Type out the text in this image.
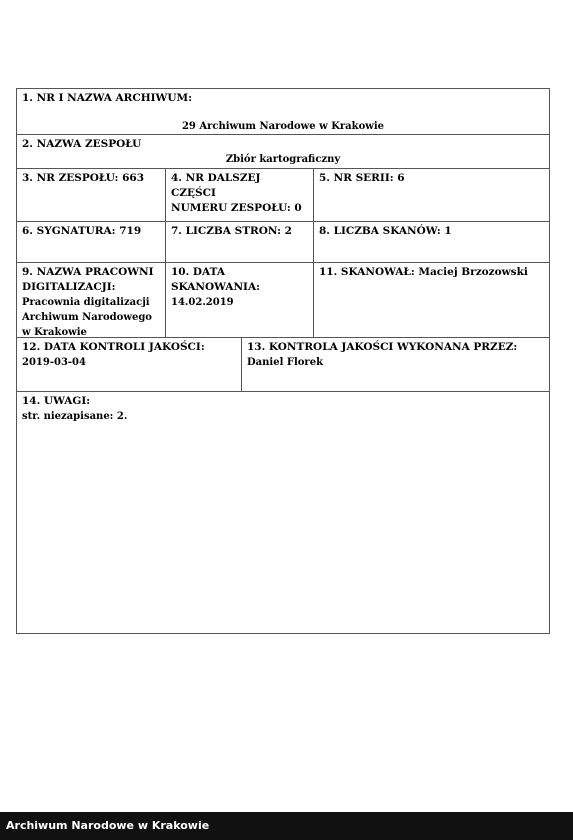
1. NR I NAZWA ARCHIWUM:
29 Archiwum Narodowe w Krakowie
2. NAZWA ZESPOŁU
Zbiór kartograficzny
3. NR ZESPOŁU: 663	4. NR DALSZEJ CZĘŚCI
NUMERU ZESPOŁU: 0
5. NR SERII: 6
6. SYGNATURA: 719	7. LICZBA STRON: 2	8. LICZBA SKANÓW: 1
9. NAZWA PRACOWNI
DIGITALIZACJI:
Pracownia digitalizacji
Archiwum Narodowego
w Krakowie
10. DATA SKANOWANIA:
14.02.2019
11. SKANOWAŁ: Maciej Brzozowski
12. DATA KONTROLI JAKOŚCI:
2019-03-04
13. KONTROLA JAKOŚCI WYKONANA PRZEZ:
Daniel Florek
14. UWAGI:
str. niezapisane: 2.
Archiwum Narodowe w Krakowie
